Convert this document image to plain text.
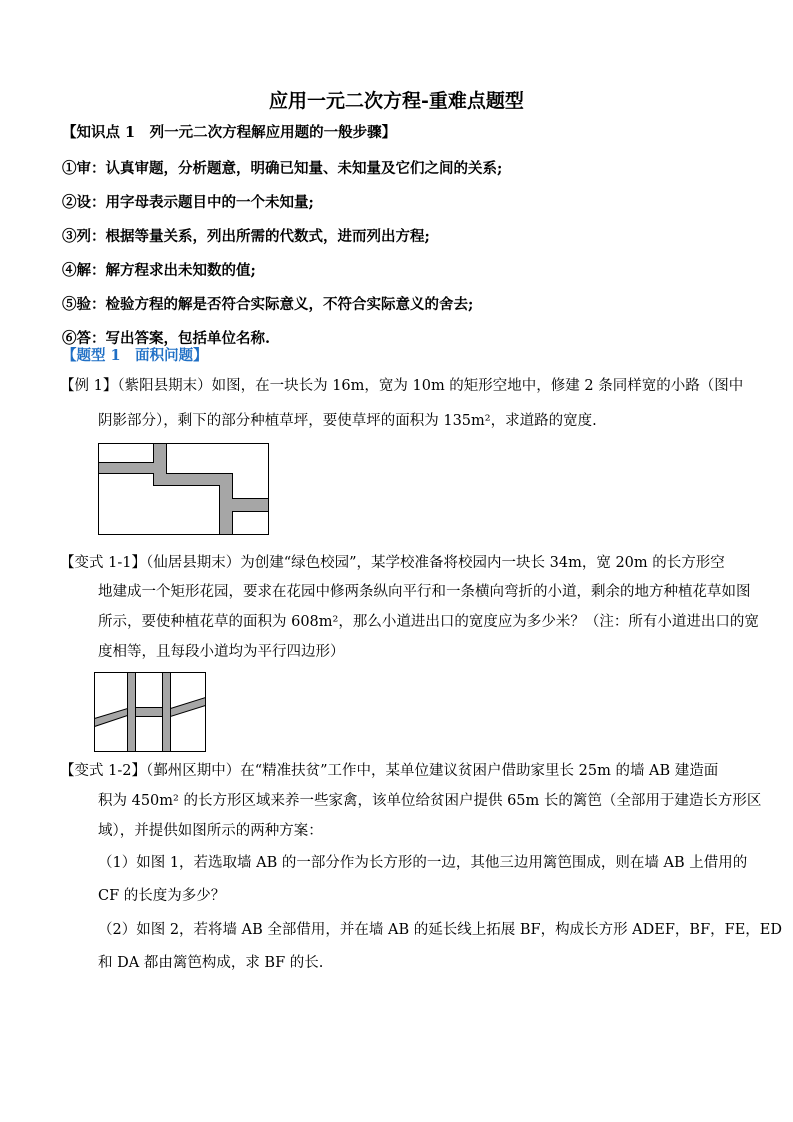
应用一元二次方程-重难点题型
【知识点 1　列一元二次方程解应用题的一般步骤】
①审：认真审题，分析题意，明确已知量、未知量及它们之间的关系;
②设：用字母表示题目中的一个未知量;
③列：根据等量关系，列出所需的代数式，进而列出方程;
④解：解方程求出未知数的值;
⑤验：检验方程的解是否符合实际意义，不符合实际意义的舍去;
⑥答：写出答案，包括单位名称.
【题型 1　面积问题】
【例 1】（紫阳县期末）如图，在一块长为 16m，宽为 10m 的矩形空地中，修建 2 条同样宽的小路（图中
阴影部分），剩下的部分种植草坪，要使草坪的面积为 135m²，求道路的宽度.
【变式 1-1】（仙居县期末）为创建“绿色校园”，某学校准备将校园内一块长 34m，宽 20m 的长方形空
地建成一个矩形花园，要求在花园中修两条纵向平行和一条横向弯折的小道，剩余的地方种植花草如图
所示，要使种植花草的面积为 608m²，那么小道进出口的宽度应为多少米？（注：所有小道进出口的宽
度相等，且每段小道均为平行四边形）
【变式 1-2】（鄞州区期中）在“精准扶贫”工作中，某单位建议贫困户借助家里长 25m 的墙 AB 建造面
积为 450m² 的长方形区域来养一些家禽，该单位给贫困户提供 65m 长的篱笆（全部用于建造长方形区
域），并提供如图所示的两种方案：
（1）如图 1，若选取墙 AB 的一部分作为长方形的一边，其他三边用篱笆围成，则在墙 AB 上借用的
CF 的长度为多少？
（2）如图 2，若将墙 AB 全部借用，并在墙 AB 的延长线上拓展 BF，构成长方形 ADEF，BF，FE，ED
和 DA 都由篱笆构成，求 BF 的长.
